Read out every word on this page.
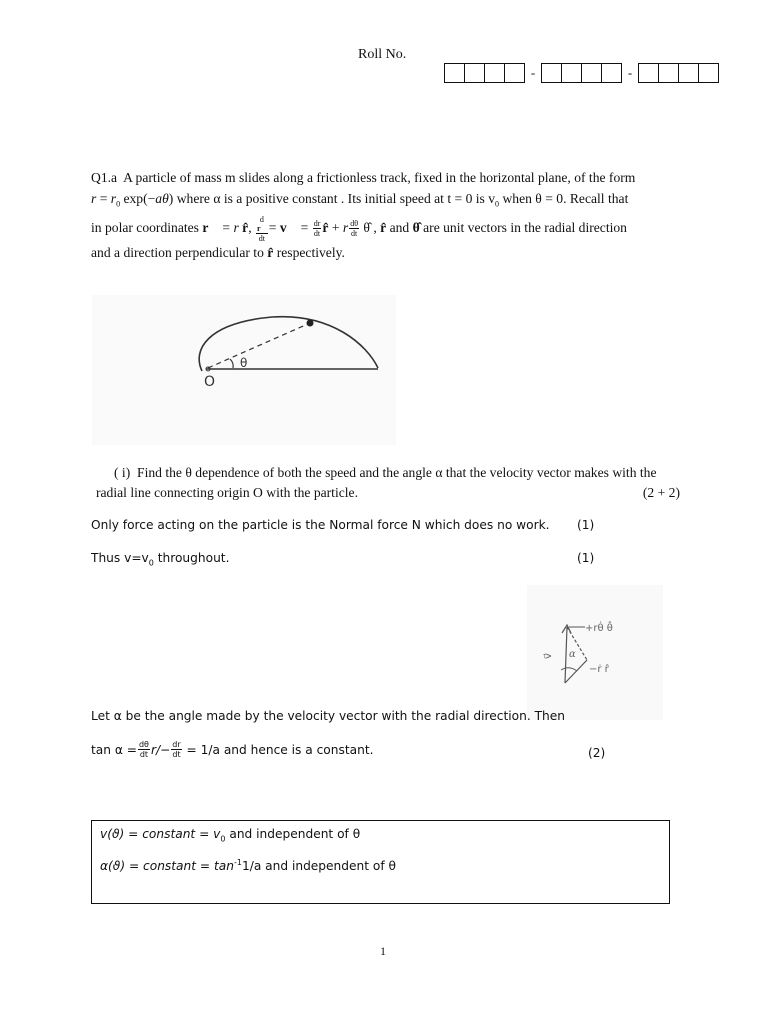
Roll No.
-	-
Q1.a A particle of mass m slides along a frictionless track, fixed in the horizontal plane, of the form
$r = r_0$ exp⁡(−aθ) where α is a positive constant . Its initial speed at t = 0 is $v_0$ when θ = 0. Recall that
in polar coordinates r⃗ = r r̂, d
r⃗
dt = v⃗ = $\frac{dr}{dt}$ r̂ + r $\frac{d\theta}{dt}$ θ̂ , r̂ and θ̂ are unit vectors in the radial direction
and a direction perpendicular to r̂ respectively.
θ
O
( i) Find the θ dependence of both the speed and the angle α that the velocity vector makes with the
radial line connecting origin O with the particle.	(2 + 2)
Only force acting on the particle is the Normal force N which does no work. (1)
Thus $v=v_0$ throughout.	(1)
+rθ̇ θ̂
α
−ṙ r̂
v⃗
Let α be the angle made by the velocity vector with the radial direction. Then
$\tan \alpha = \frac{d\theta}{dt} r/ - \frac{dr}{dt}$
= 1/a and hence is a constant.	(2)
v(ϑ) = constant = $v_0$ and independent of θ
α(ϑ) = constant = $\tan^{-1}1/a$ and independent of θ
1
